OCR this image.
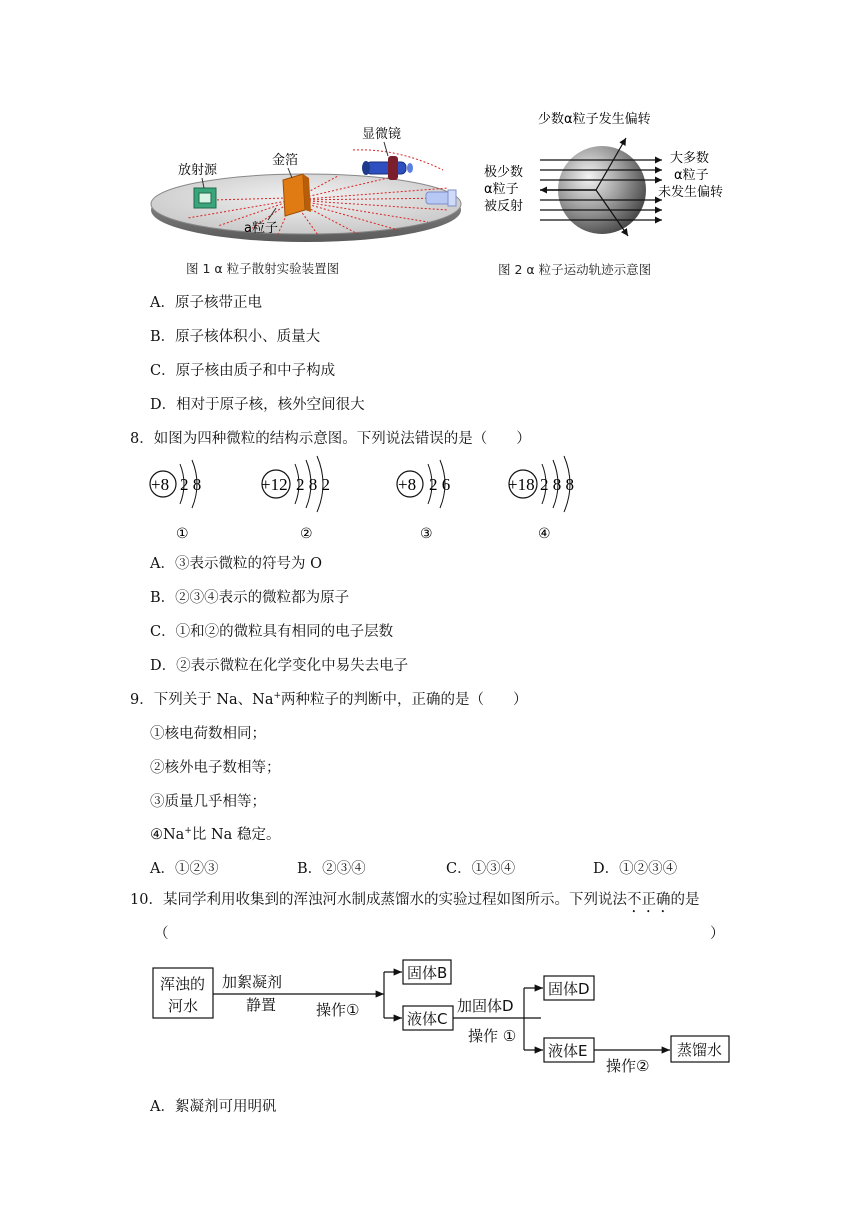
显微镜
放射源
金箔
a粒子
图 1 α 粒子散射实验装置图
少数α粒子发生偏转
极少数
α粒子
被反射
大多数
α粒子
未发生偏转
图 2 α 粒子运动轨迹示意图
A．原子核带正电
B．原子核体积小、质量大
C．原子核由质子和中子构成
D．相对于原子核，核外空间很大
8．如图为四种微粒的结构示意图。下列说法错误的是（　　）
+8 2 8
①
+12 2 8 2
②
+8 2 6
③
+18 2 8 8
④
A．③表示微粒的符号为 O
B．②③④表示的微粒都为原子
C．①和②的微粒具有相同的电子层数
D．②表示微粒在化学变化中易失去电子
9．下列关于 Na、Na+两种粒子的判断中，正确的是（　　）
①核电荷数相同；
②核外电子数相等；
③质量几乎相等；
④Na+比 Na 稳定。
A．①②③	B．②③④	C．①③④	D．①②③④
10．某同学利用收集到的浑浊河水制成蒸馏水的实验过程如图所示。下列说法不正确的是
（	）
浑浊的
河水
加絮凝剂
静置	操作①
固体B
液体C
加固体D
操作 ①
固体D
液体E
操作②
蒸馏水
A．絮凝剂可用明矾
